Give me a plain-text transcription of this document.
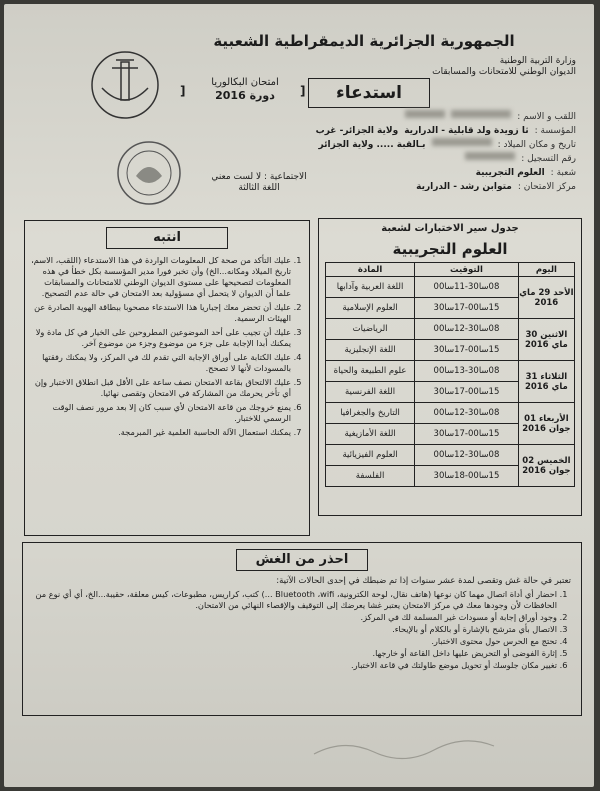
الجمهورية الجزائرية الديمقراطية الشعبية
وزارة التربية الوطنية
الديوان الوطني للامتحانات والمسابقات
]
امتحان البكالوريا
دورة 2016	]	استدعاء
اللقب و الاسم :
المؤسسة :
ثا زويدة ولد قابلية - الدرارية
ولاية الجزائر- غرب
تاريخ و مكان الميلاد :
بـالقبة ..... ولاية الجزائر
رقم التسجيل :
شعبة :
العلوم التجريبية
مركز الامتحان :
متوابن رشد - الدرارية
الاجتماعية : لا لست معني
اللغة الثالثة
جدول سير الاختبارات لشعبة
العلوم التجريبية
اليوم	التوقيت	المادة
الأحد 29 ماي 2016	08سا30-11سا00	اللغة العربية وآدابها
	15سا00-17سا30	العلوم الإسلامية
الاثنين 30 ماي 2016	08سا30-12سا00	الرياضيات
	15سا00-17سا30	اللغة الإنجليزية
الثلاثاء 31 ماي 2016	08سا30-13سا00	علوم الطبيعة والحياة
	15سا00-17سا30	اللغة الفرنسية
الأربعاء 01 جوان 2016	08سا30-12سا00	التاريخ والجغرافيا
	15سا00-17سا30	اللغة الأمازيغية
الخميس 02 جوان 2016	08سا30-12سا00	العلوم الفيزيائية
	15سا00-18سا30	الفلسفة
انتبه
1. عليك التأكد من صحة كل المعلومات الواردة في هذا الاستدعاء (اللقب، الاسم، تاريخ الميلاد ومكانه...الخ) وأن تخبر فورا مدير المؤسسة بكل خطأ في هذه المعلومات لتصحيحها على مستوى الديوان الوطني للامتحانات والمسابقات علما أن الديوان لا يتحمل أي مسؤولية بعد الامتحان في حالة عدم التصحيح.
2. عليك أن تحضر معك إجباريا هذا الاستدعاء مصحوبا ببطاقة الهوية الصادرة عن الهيئات الرسمية.
3. عليك أن تجيب على أحد الموضوعين المطروحين على الخيار في كل مادة ولا يمكنك أبدا الإجابة على جزء من موضوع وجزء من موضوع آخر.
4. عليك الكتابة على أوراق الإجابة التي تقدم لك في المركز، ولا يمكنك رفقتها بالمسودات لأنها لا تصحح.
5. عليك الالتحاق بقاعة الامتحان نصف ساعة على الأقل قبل انطلاق الاختبار وإن أي تأخر يحرمك من المشاركة في الامتحان وتقصى نهائيا.
6. يمنع خروجك من قاعة الامتحان لأي سبب كان إلا بعد مرور نصف الوقت الرسمي للاختبار.
7. يمكنك استعمال الآلة الحاسبة العلمية غير المبرمجة.
احذر من الغش
تعتبر في حالة غش وتقصى لمدة عشر سنوات إذا تم ضبطك في إحدى الحالات الآتية:
1. احضار أي أداة اتصال مهما كان نوعها (هاتف نقال، لوحة الكترونية، Bluetooth ،wifi ...) كتب، كراريس، مطبوعات، كيس معلقة، حقيبة...الخ، أي أي نوع من الحافظات لأن وجودها معك في مركز الامتحان يعتبر غشا يعرضك إلى التوقيف والإقصاء النهائي من الامتحان.
2. وجود أوراق إجابة أو مسودات غير المسلمة لك في المركز.
3. الاتصال بأي مترشح بالإشارة أو بالكلام أو بالإيحاء.
4. تحتج مع الحرس حول محتوى الاختبار.
5. إثارة الفوضى أو التحريض عليها داخل القاعة أو خارجها.
6. تغيير مكان جلوسك أو تحويل موضع طاولتك في قاعة الاختبار.
